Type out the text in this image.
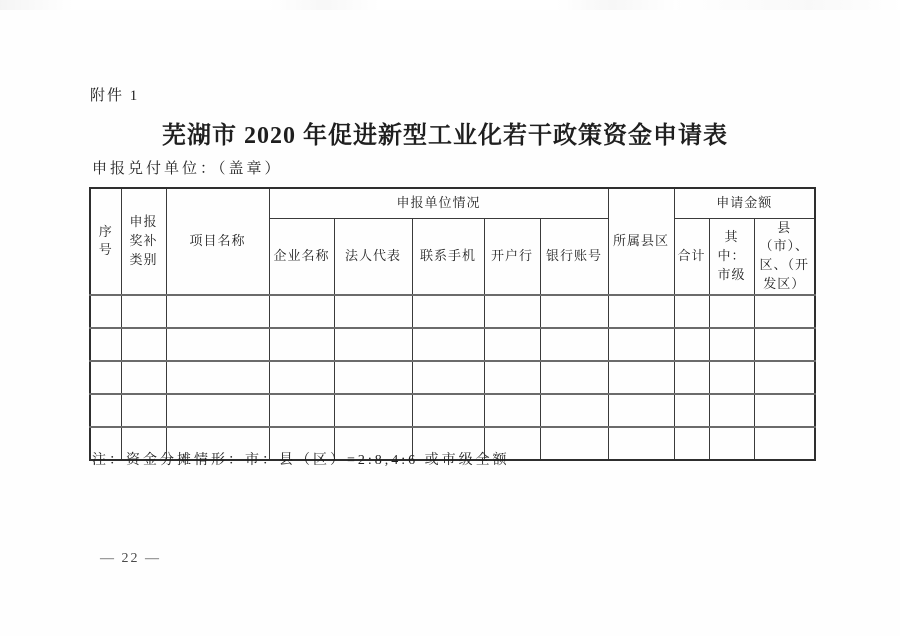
附件 1
芜湖市 2020 年促进新型工业化若干政策资金申请表
申报兑付单位：（盖章）
序号	申报奖补类别	项目名称	申报单位情况					所属县区	申请金额		
			企业名称	法人代表	联系手机	开户行	银行账号		合计	其中：市级	县（市）、区、（开发区）

注：资金分摊情形：市：县（区）=2:8,4:6 或市级全额
— 22 —
